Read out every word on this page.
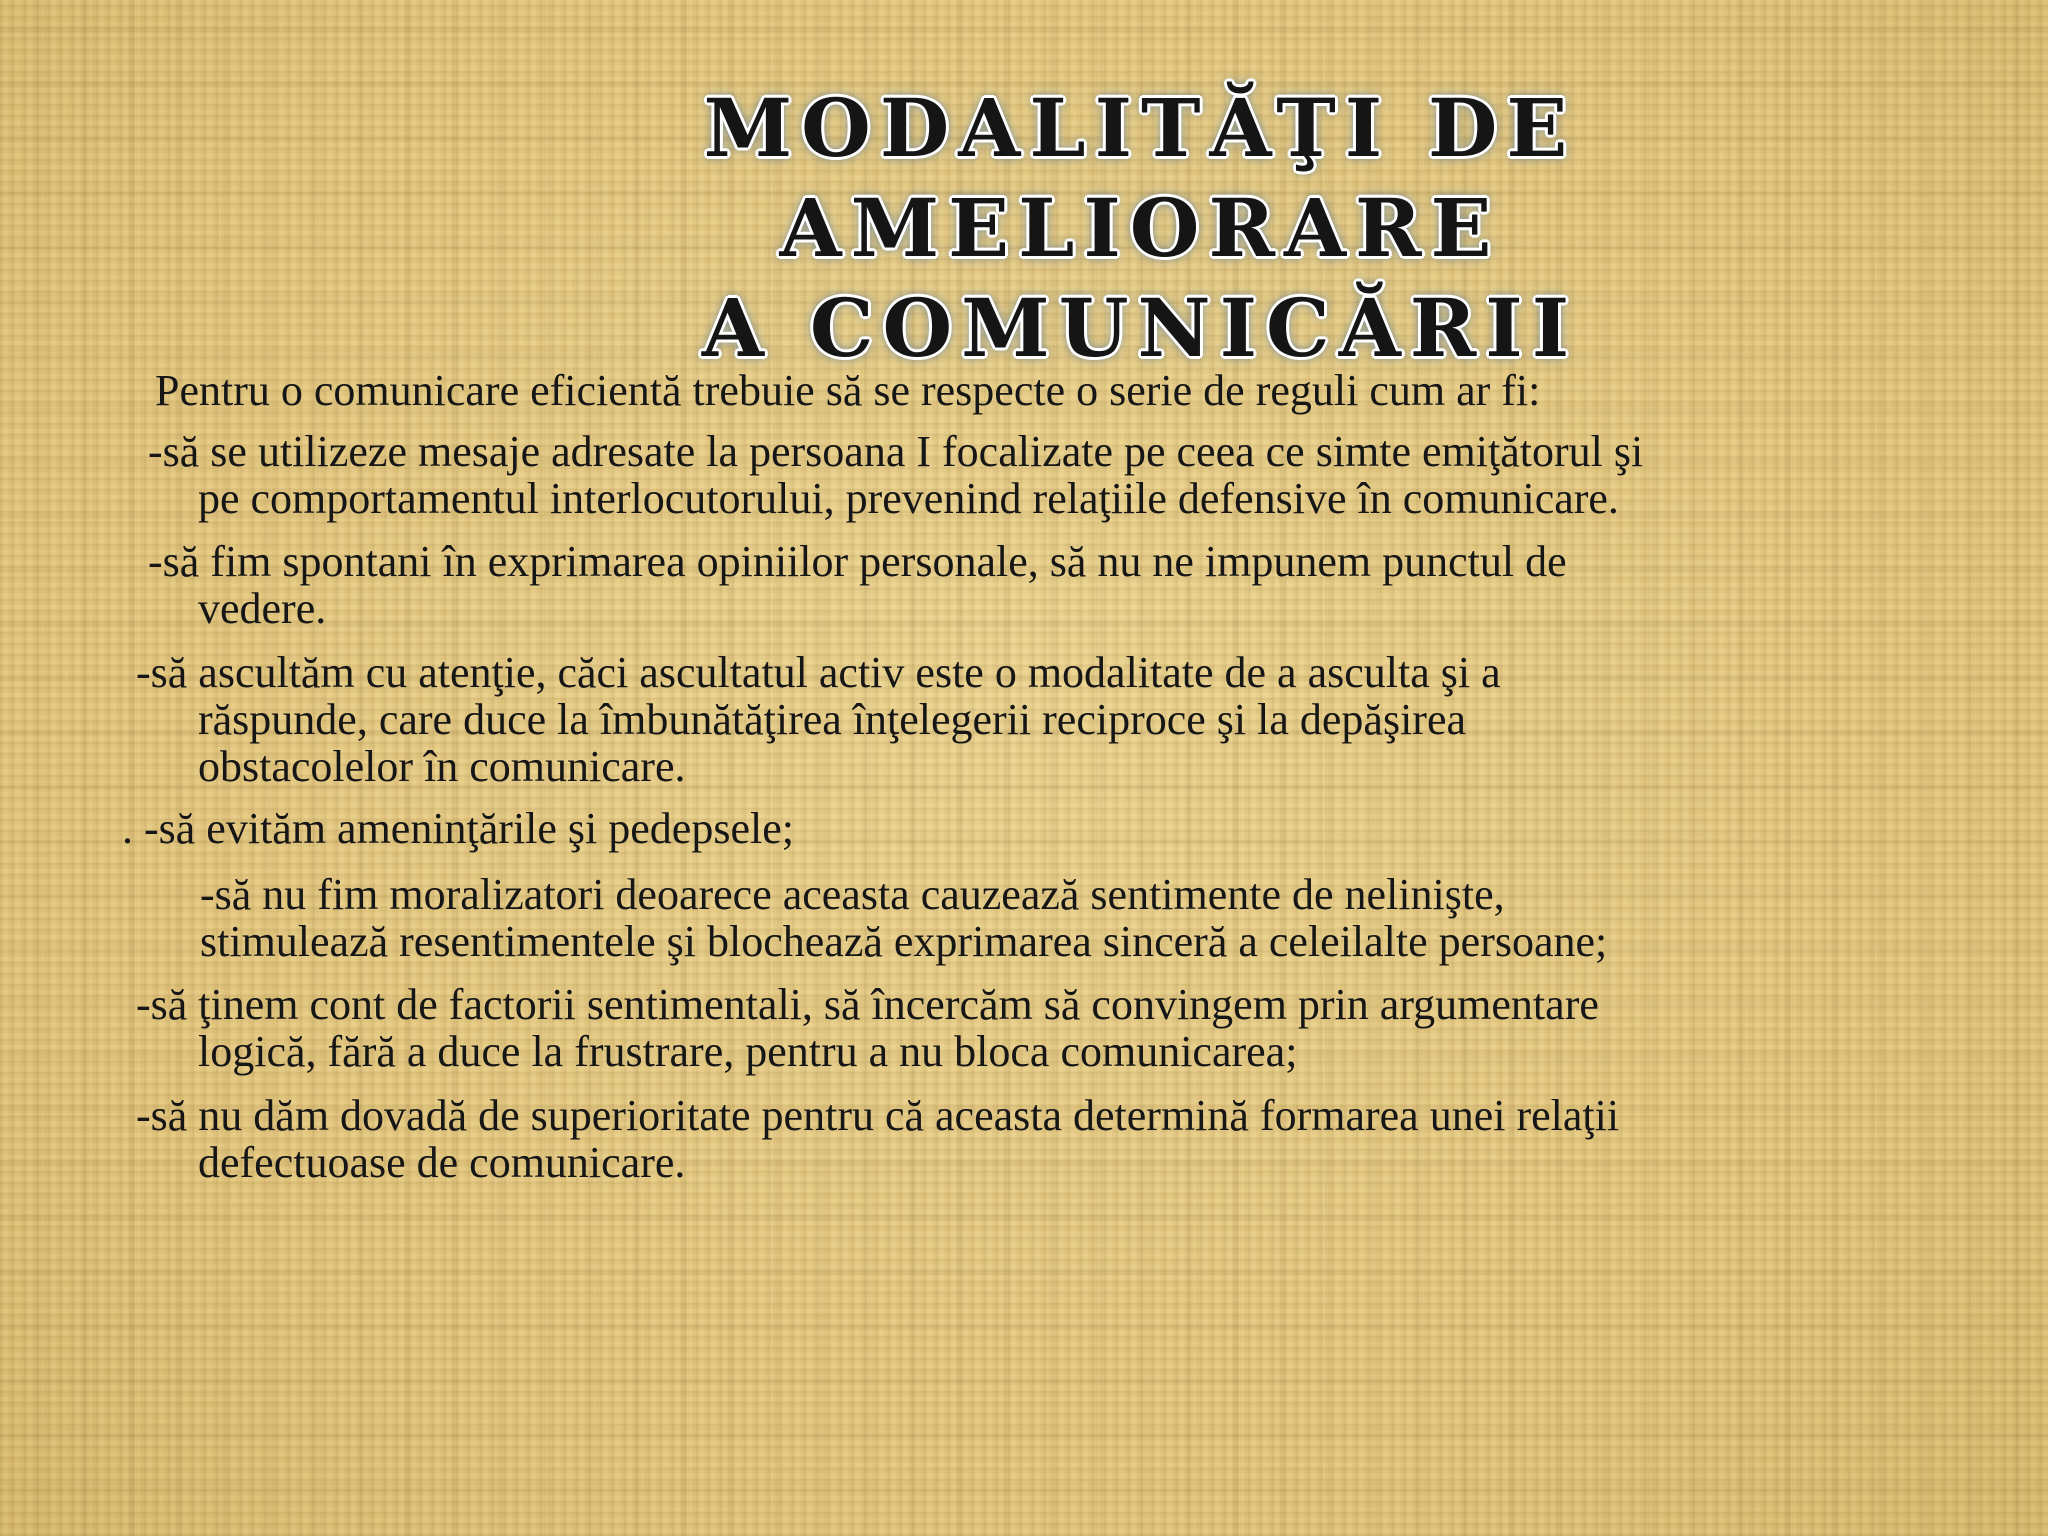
MODALITĂŢI DE AMELIORARE
A COMUNICĂRII

Pentru o comunicare eficientă trebuie să se respecte o serie de reguli cum ar fi:

-să se utilizeze mesaje adresate la persoana I focalizate pe ceea ce simte emiţătorul şi
pe comportamentul interlocutorului, prevenind relaţiile defensive în comunicare.

-să fim spontani în exprimarea opiniilor personale, să nu ne impunem punctul de
vedere.

-să ascultăm cu atenţie, căci ascultatul activ este o modalitate de a asculta şi a
răspunde, care duce la îmbunătăţirea înţelegerii reciproce şi la depăşirea
obstacolelor în comunicare.

. -să evităm ameninţările şi pedepsele;

-să nu fim moralizatori deoarece aceasta cauzează sentimente de nelinişte,
stimulează resentimentele şi blochează exprimarea sinceră a celeilalte persoane;

-să ţinem cont de factorii sentimentali, să încercăm să convingem prin argumentare
logică, fără a duce la frustrare, pentru a nu bloca comunicarea;

-să nu dăm dovadă de superioritate pentru că aceasta determină formarea unei relaţii
defectuoase de comunicare.
